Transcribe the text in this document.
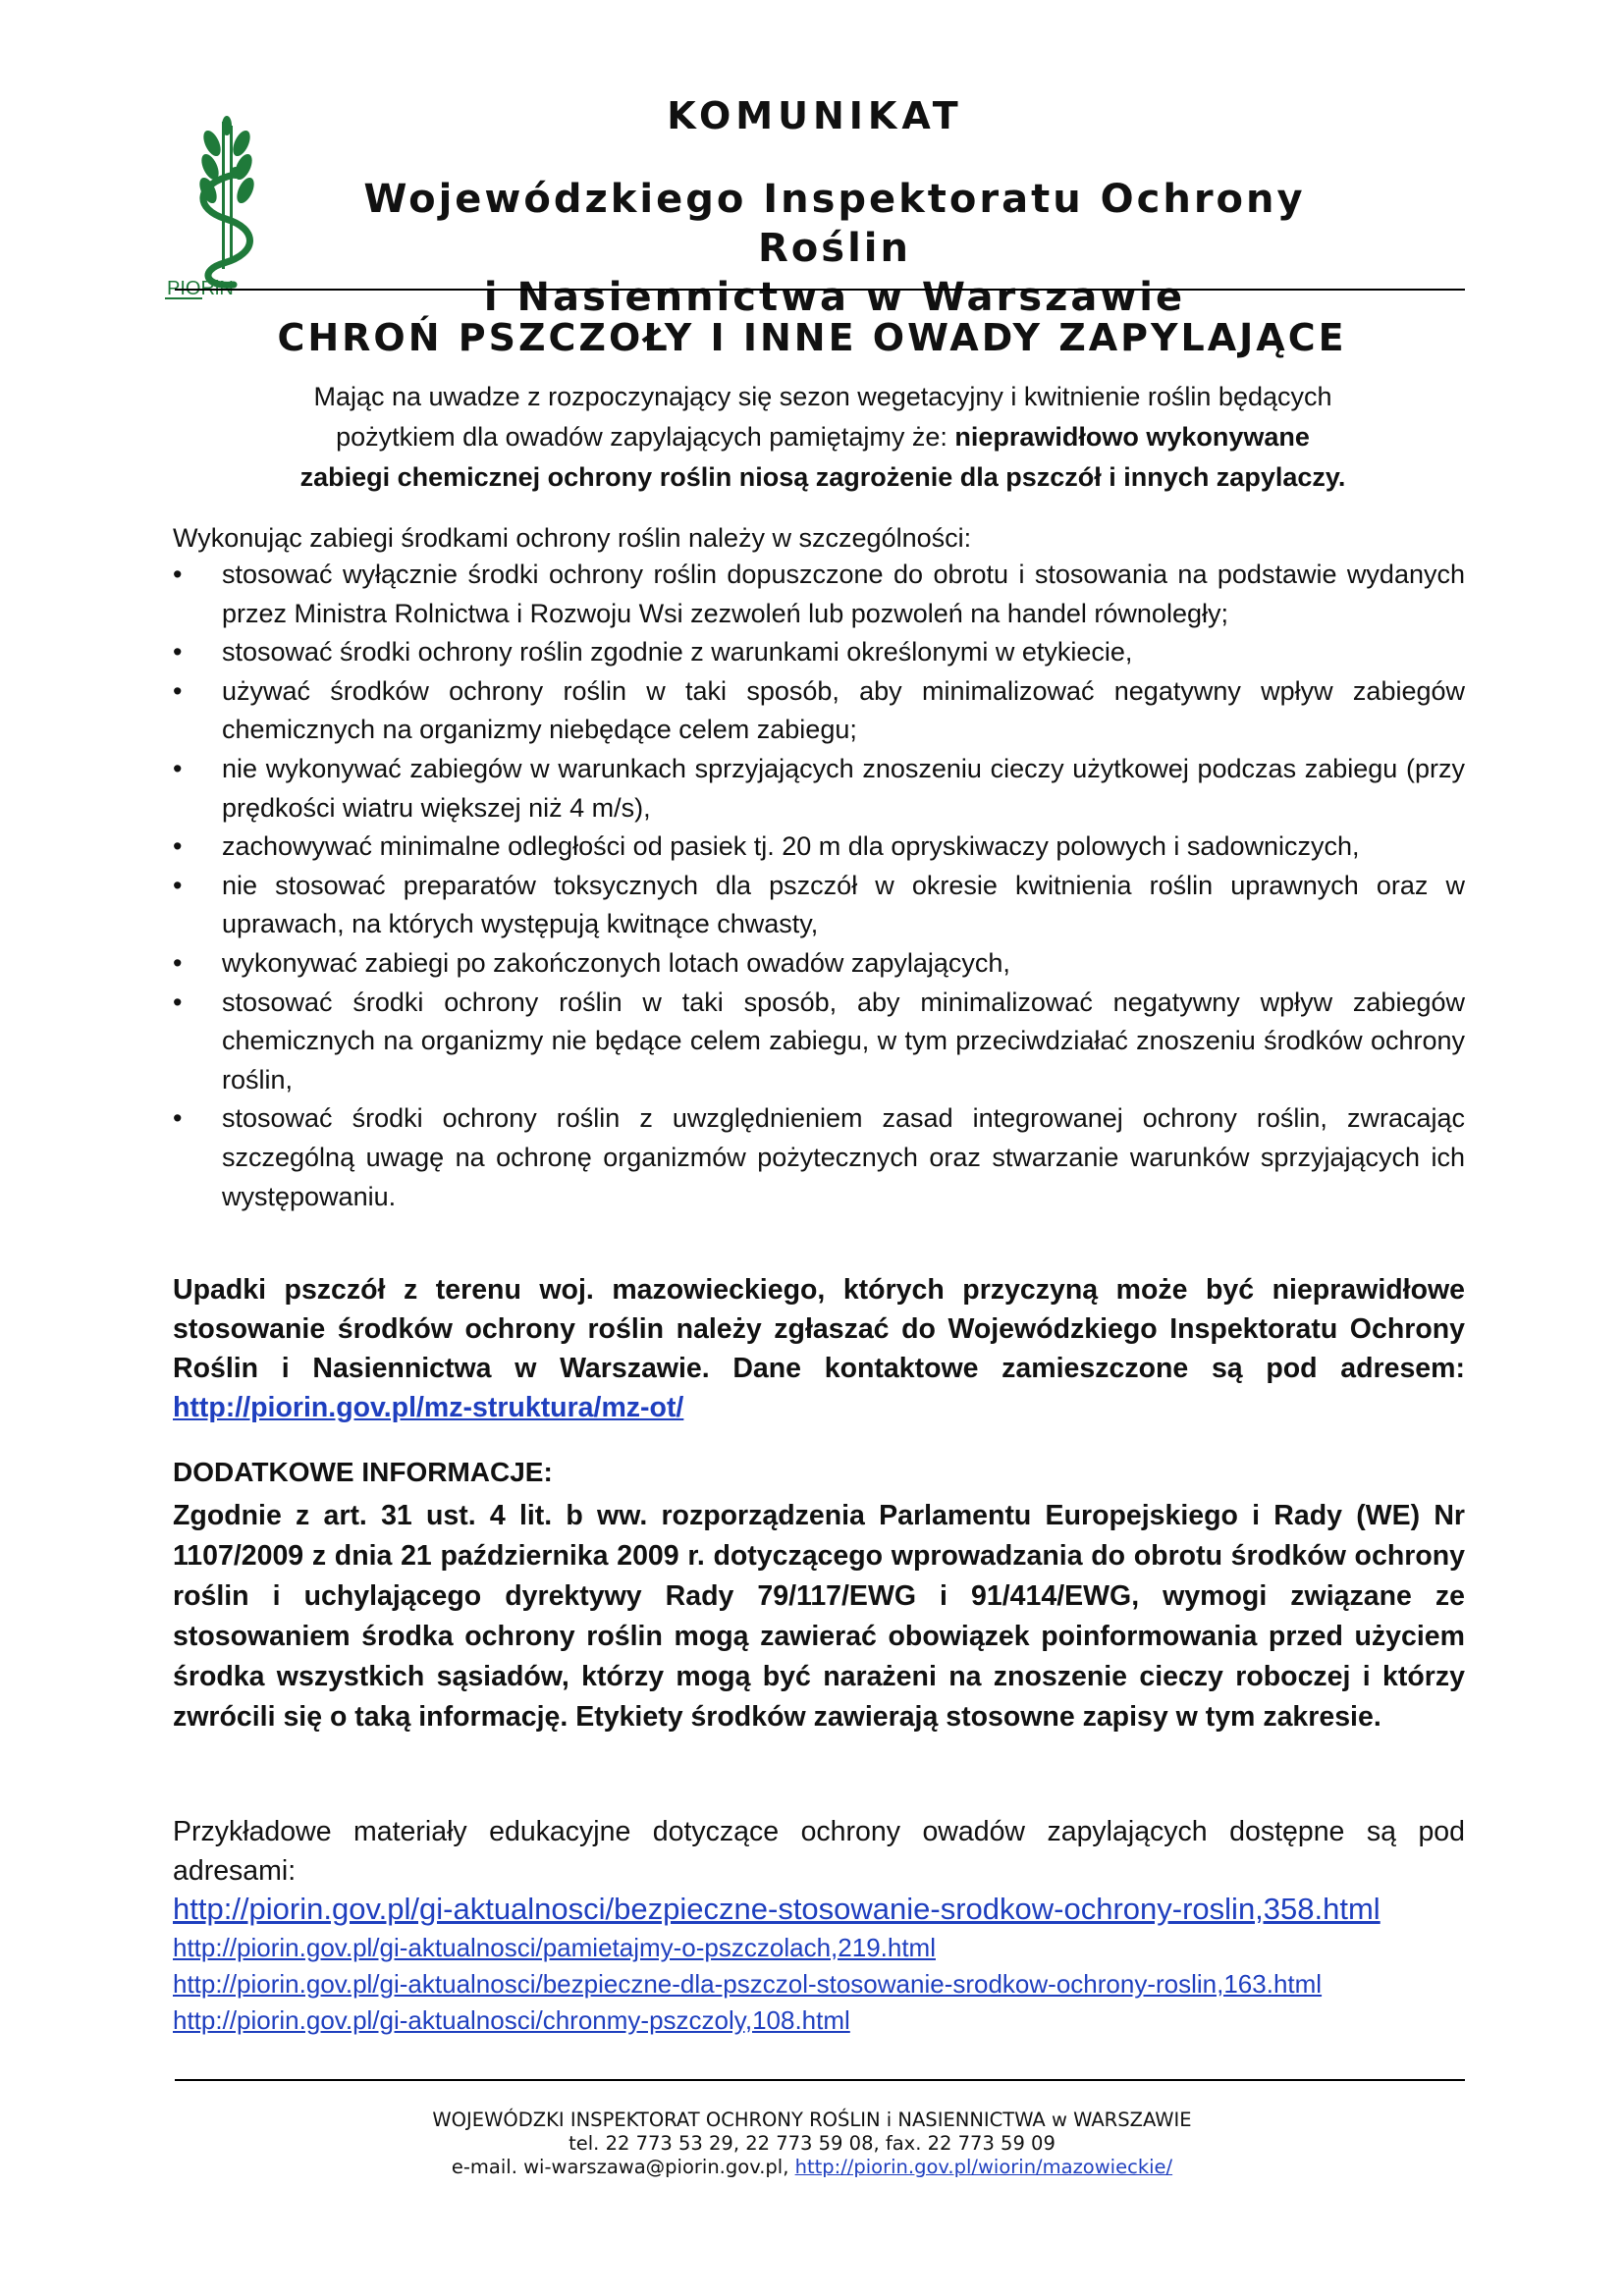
PIORiN
KOMUNIKAT
Wojewódzkiego Inspektoratu Ochrony Roślin
i Nasiennictwa w Warszawie
CHROŃ PSZCZOŁY I INNE OWADY ZAPYLAJĄCE
Mając na uwadze z rozpoczynający się sezon wegetacyjny i kwitnienie roślin będących
pożytkiem dla owadów zapylających pamiętajmy że: nieprawidłowo wykonywane
zabiegi chemicznej ochrony roślin niosą zagrożenie dla pszczół i innych zapylaczy.
Wykonując zabiegi środkami ochrony roślin należy w szczególności:
•	stosować wyłącznie środki ochrony roślin dopuszczone do obrotu i stosowania na podstawie wydanych przez Ministra Rolnictwa i Rozwoju Wsi zezwoleń lub pozwoleń na handel równoległy;
•	stosować środki ochrony roślin zgodnie z warunkami określonymi w etykiecie,
•	używać środków ochrony roślin w taki sposób, aby minimalizować negatywny wpływ zabiegów chemicznych na organizmy niebędące celem zabiegu;
•	nie wykonywać zabiegów w warunkach sprzyjających znoszeniu cieczy użytkowej podczas zabiegu (przy prędkości wiatru większej niż 4 m/s),
•	zachowywać minimalne odległości od pasiek tj. 20 m dla opryskiwaczy polowych i sadowniczych,
•	nie stosować preparatów toksycznych dla pszczół w okresie kwitnienia roślin uprawnych oraz w uprawach, na których występują kwitnące chwasty,
•	wykonywać zabiegi po zakończonych lotach owadów zapylających,
•	stosować środki ochrony roślin w taki sposób, aby minimalizować negatywny wpływ zabiegów chemicznych na organizmy nie będące celem zabiegu, w tym przeciwdziałać znoszeniu środków ochrony roślin,
•	stosować środki ochrony roślin z uwzględnieniem zasad integrowanej ochrony roślin, zwracając szczególną uwagę na ochronę organizmów pożytecznych oraz stwarzanie warunków sprzyjających ich występowaniu.
Upadki pszczół z terenu woj. mazowieckiego, których przyczyną może być nieprawidłowe stosowanie środków ochrony roślin należy zgłaszać do Wojewódzkiego Inspektoratu Ochrony Roślin i Nasiennictwa w Warszawie. Dane kontaktowe zamieszczone są pod adresem: http://piorin.gov.pl/mz-struktura/mz-ot/
DODATKOWE INFORMACJE:
Zgodnie z art. 31 ust. 4 lit. b ww. rozporządzenia Parlamentu Europejskiego i Rady (WE) Nr 1107/2009 z dnia 21 października 2009 r. dotyczącego wprowadzania do obrotu środków ochrony roślin i uchylającego dyrektywy Rady 79/117/EWG i 91/414/EWG, wymogi związane ze stosowaniem środka ochrony roślin mogą zawierać obowiązek poinformowania przed użyciem środka wszystkich sąsiadów, którzy mogą być narażeni na znoszenie cieczy roboczej i którzy zwrócili się o taką informację. Etykiety środków zawierają stosowne zapisy w tym zakresie.
Przykładowe materiały edukacyjne dotyczące ochrony owadów zapylających dostępne są pod adresami:
http://piorin.gov.pl/gi-aktualnosci/bezpieczne-stosowanie-srodkow-ochrony-roslin,358.html
http://piorin.gov.pl/gi-aktualnosci/pamietajmy-o-pszczolach,219.html
http://piorin.gov.pl/gi-aktualnosci/bezpieczne-dla-pszczol-stosowanie-srodkow-ochrony-roslin,163.html
http://piorin.gov.pl/gi-aktualnosci/chronmy-pszczoly,108.html
WOJEWÓDZKI INSPEKTORAT OCHRONY ROŚLIN i NASIENNICTWA w WARSZAWIE
tel. 22 773 53 29, 22 773 59 08, fax. 22 773 59 09
e-mail. wi-warszawa@piorin.gov.pl, http://piorin.gov.pl/wiorin/mazowieckie/
